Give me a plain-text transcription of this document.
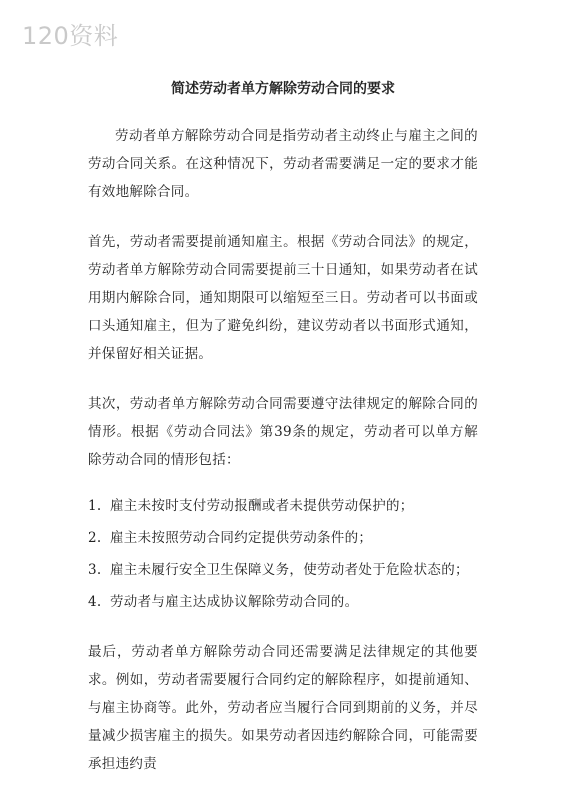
120资料
简述劳动者单方解除劳动合同的要求

劳动者单方解除劳动合同是指劳动者主动终止与雇主之间的劳动合同关系。在这种情况下，劳动者需要满足一定的要求才能有效地解除合同。

首先，劳动者需要提前通知雇主。根据《劳动合同法》的规定，劳动者单方解除劳动合同需要提前三十日通知，如果劳动者在试用期内解除合同，通知期限可以缩短至三日。劳动者可以书面或口头通知雇主，但为了避免纠纷，建议劳动者以书面形式通知，并保留好相关证据。

其次，劳动者单方解除劳动合同需要遵守法律规定的解除合同的情形。根据《劳动合同法》第39条的规定，劳动者可以单方解除劳动合同的情形包括：

1. 雇主未按时支付劳动报酬或者未提供劳动保护的；
2. 雇主未按照劳动合同约定提供劳动条件的；
3. 雇主未履行安全卫生保障义务，使劳动者处于危险状态的；
4. 劳动者与雇主达成协议解除劳动合同的。

最后，劳动者单方解除劳动合同还需要满足法律规定的其他要求。例如，劳动者需要履行合同约定的解除程序，如提前通知、与雇主协商等。此外，劳动者应当履行合同到期前的义务，并尽量减少损害雇主的损失。如果劳动者因违约解除合同，可能需要承担违约责
